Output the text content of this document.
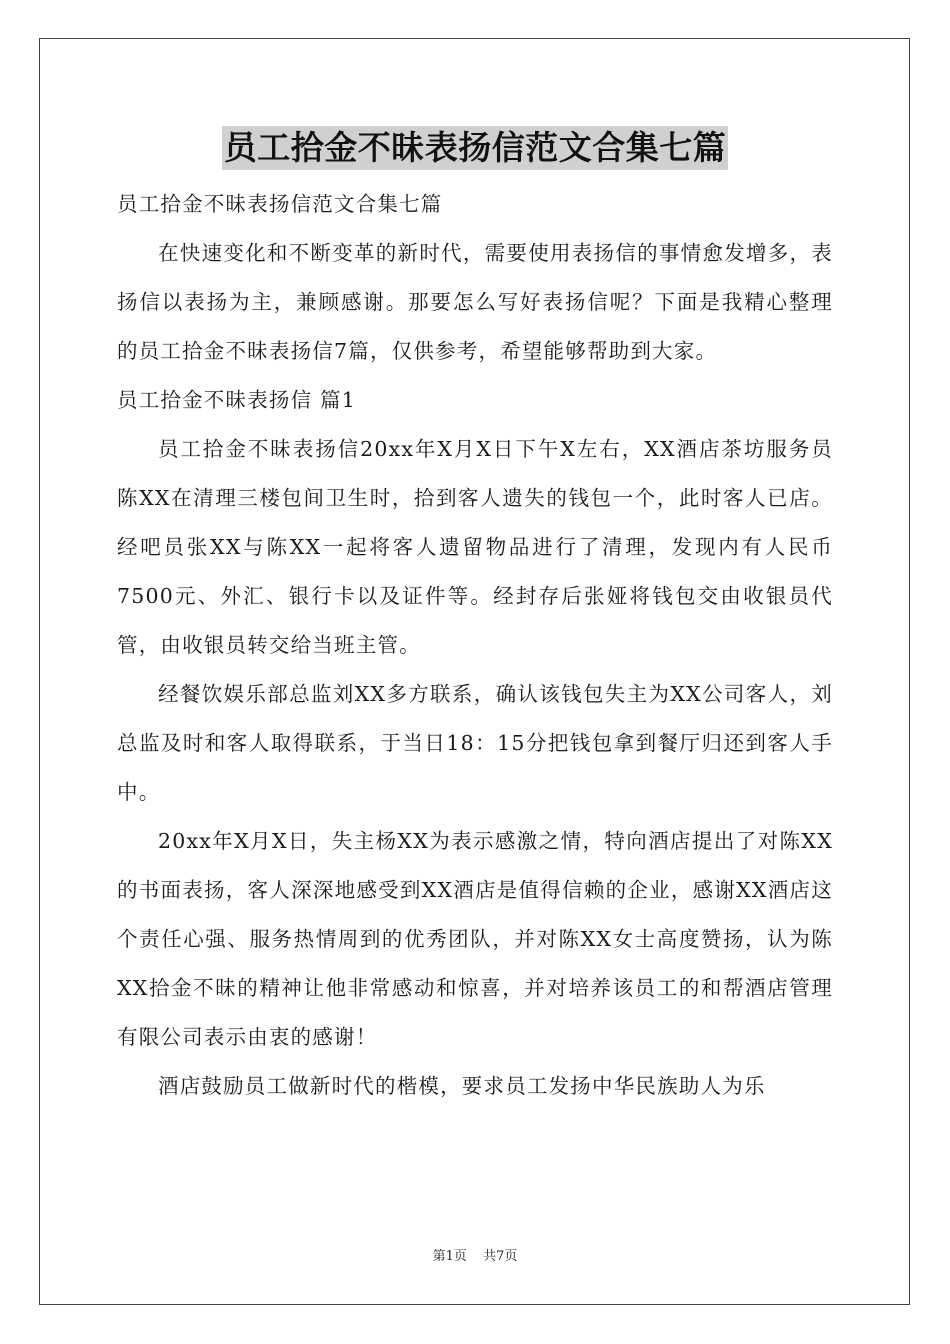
员工拾金不昧表扬信范文合集七篇

员工拾金不昧表扬信范文合集七篇

在快速变化和不断变革的新时代，需要使用表扬信的事情愈发增多，表扬信以表扬为主，兼顾感谢。那要怎么写好表扬信呢？下面是我精心整理的员工拾金不昧表扬信7篇，仅供参考，希望能够帮助到大家。

员工拾金不昧表扬信 篇1

员工拾金不昧表扬信20xx年X月X日下午X左右，XX酒店茶坊服务员陈XX在清理三楼包间卫生时，拾到客人遗失的钱包一个，此时客人已店。经吧员张XX与陈XX一起将客人遗留物品进行了清理，发现内有人民币7500元、外汇、银行卡以及证件等。经封存后张娅将钱包交由收银员代管，由收银员转交给当班主管。

经餐饮娱乐部总监刘XX多方联系，确认该钱包失主为XX公司客人，刘总监及时和客人取得联系，于当日18：15分把钱包拿到餐厅归还到客人手中。

20xx年X月X日，失主杨XX为表示感激之情，特向酒店提出了对陈XX的书面表扬，客人深深地感受到XX酒店是值得信赖的企业，感谢XX酒店这个责任心强、服务热情周到的优秀团队，并对陈XX女士高度赞扬，认为陈XX拾金不昧的精神让他非常感动和惊喜，并对培养该员工的和帮酒店管理有限公司表示由衷的感谢！

酒店鼓励员工做新时代的楷模，要求员工发扬中华民族助人为乐

第1页 共7页
